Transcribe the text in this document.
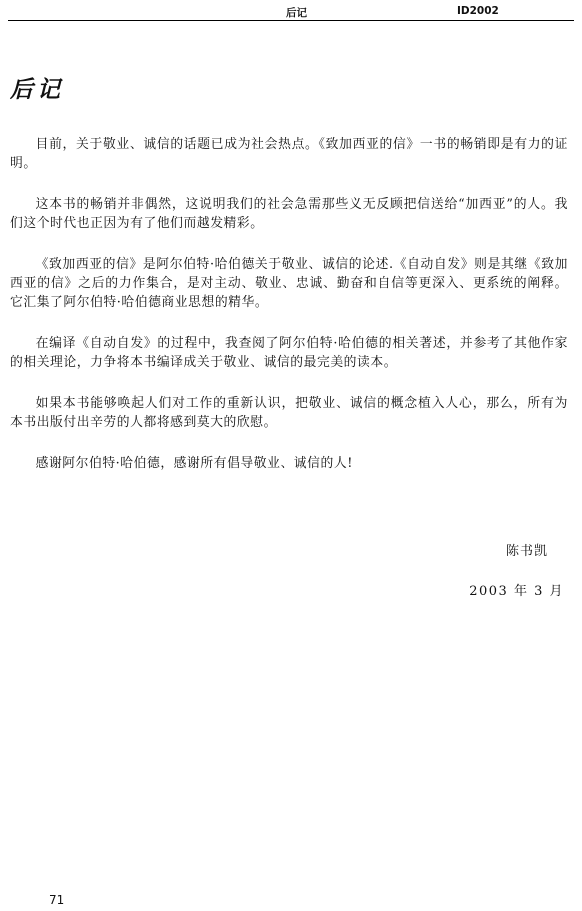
后记	ID2002
后记

目前，关于敬业、诚信的话题已成为社会热点。《致加西亚的信》一书的畅销即是有力的证明。

这本书的畅销并非偶然，这说明我们的社会急需那些义无反顾把信送给“加西亚”的人。我们这个时代也正因为有了他们而越发精彩。

《致加西亚的信》是阿尔伯特·哈伯德关于敬业、诚信的论述.《自动自发》则是其继《致加西亚的信》之后的力作集合，是对主动、敬业、忠诚、勤奋和自信等更深入、更系统的阐释。它汇集了阿尔伯特·哈伯德商业思想的精华。

在编译《自动自发》的过程中，我查阅了阿尔伯特·哈伯德的相关著述，并参考了其他作家的相关理论，力争将本书编译成关于敬业、诚信的最完美的读本。

如果本书能够唤起人们对工作的重新认识，把敬业、诚信的概念植入人心，那么，所有为本书出版付出辛劳的人都将感到莫大的欣慰。

感谢阿尔伯特·哈伯德，感谢所有倡导敬业、诚信的人!

陈书凯
2003 年 3 月
71
